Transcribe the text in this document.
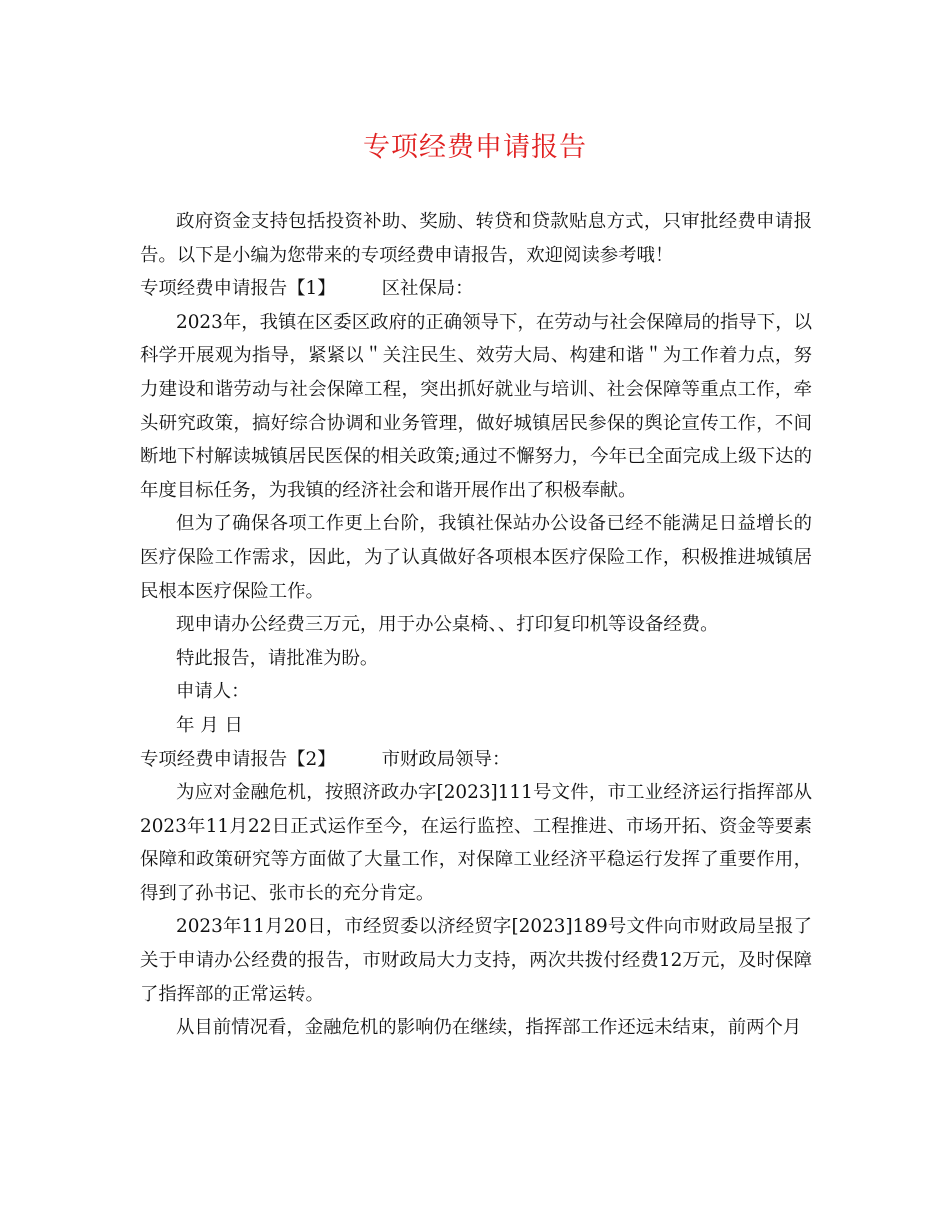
专项经费申请报告

政府资金支持包括投资补助、奖励、转贷和贷款贴息方式，只审批经费申请报告。以下是小编为您带来的专项经费申请报告，欢迎阅读参考哦！

专项经费申请报告【1】	区社保局：

2023年，我镇在区委区政府的正确领导下，在劳动与社会保障局的指导下，以科学开展观为指导，紧紧以＂关注民生、效劳大局、构建和谐＂为工作着力点，努力建设和谐劳动与社会保障工程，突出抓好就业与培训、社会保障等重点工作，牵头研究政策，搞好综合协调和业务管理，做好城镇居民参保的舆论宣传工作，不间断地下村解读城镇居民医保的相关政策;通过不懈努力，今年已全面完成上级下达的年度目标任务，为我镇的经济社会和谐开展作出了积极奉献。

但为了确保各项工作更上台阶，我镇社保站办公设备已经不能满足日益增长的医疗保险工作需求，因此，为了认真做好各项根本医疗保险工作，积极推进城镇居民根本医疗保险工作。

现申请办公经费三万元，用于办公桌椅、、打印复印机等设备经费。

特此报告，请批准为盼。

申请人：

年 月 日

专项经费申请报告【2】	市财政局领导：

为应对金融危机，按照济政办字[2023]111号文件，市工业经济运行指挥部从2023年11月22日正式运作至今，在运行监控、工程推进、市场开拓、资金等要素保障和政策研究等方面做了大量工作，对保障工业经济平稳运行发挥了重要作用，得到了孙书记、张市长的充分肯定。

2023年11月20日，市经贸委以济经贸字[2023]189号文件向市财政局呈报了关于申请办公经费的报告，市财政局大力支持，两次共拨付经费12万元，及时保障了指挥部的正常运转。

从目前情况看，金融危机的影响仍在继续，指挥部工作还远未结束，前两个月
